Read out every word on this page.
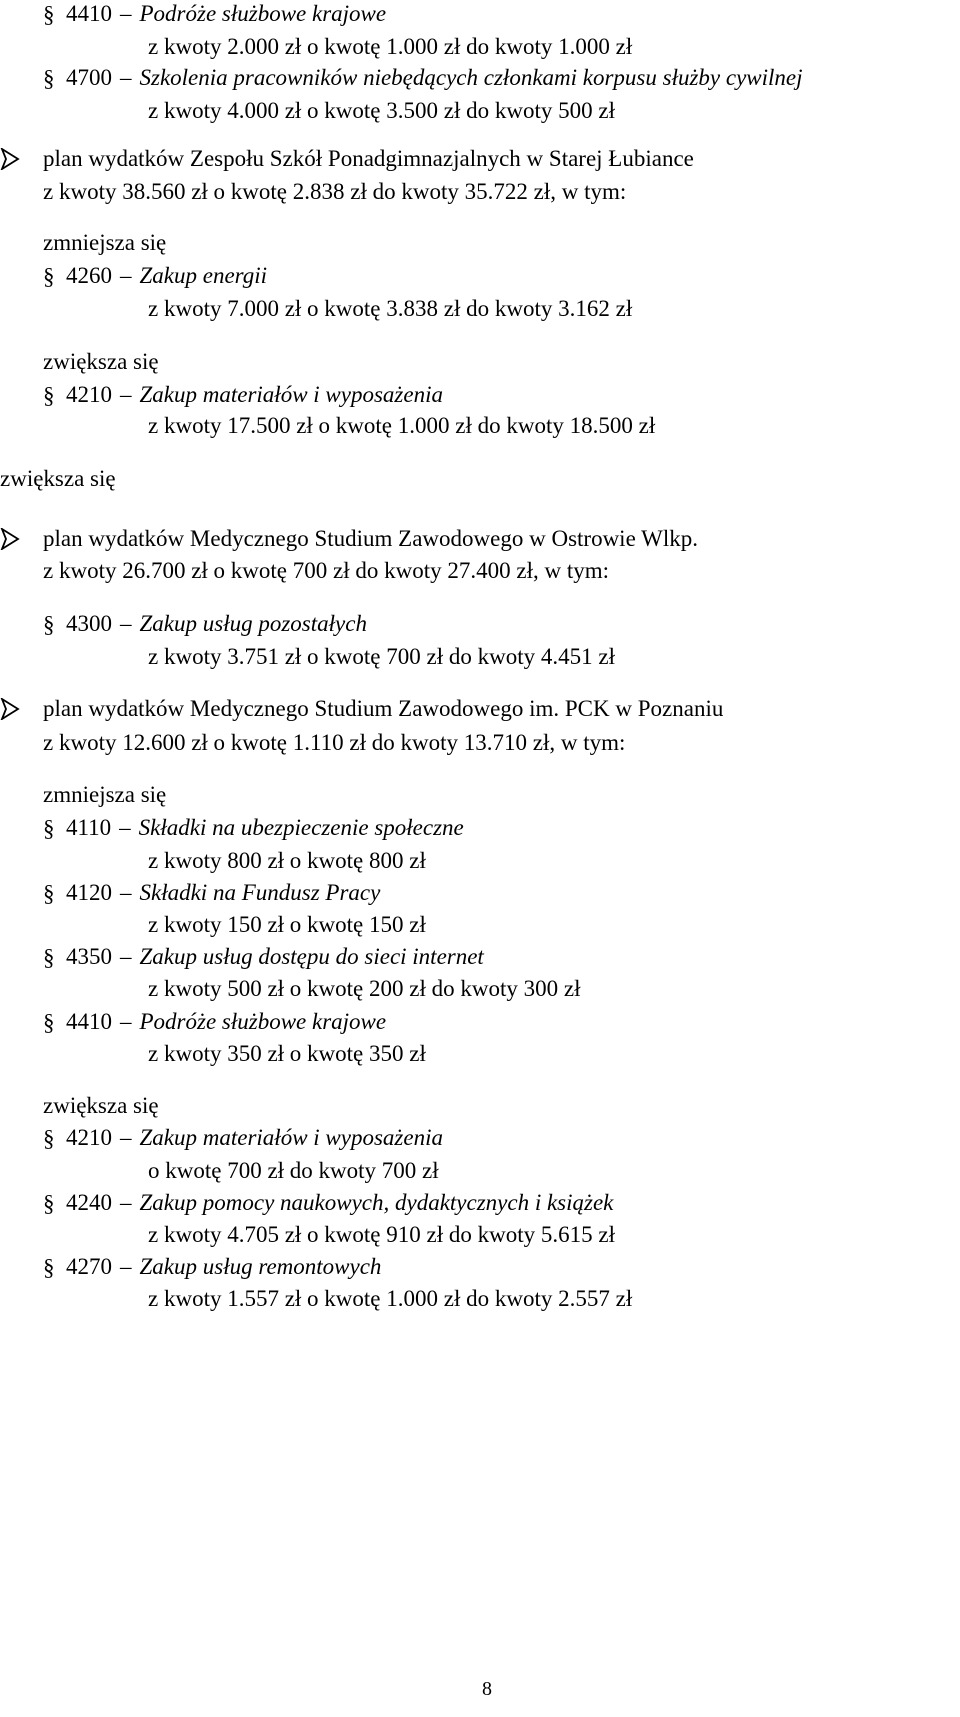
§ 4410 – Podróże służbowe krajowe
z kwoty 2.000 zł o kwotę 1.000 zł do kwoty 1.000 zł
§ 4700 – Szkolenia pracowników niebędących członkami korpusu służby cywilnej
z kwoty 4.000 zł o kwotę 3.500 zł do kwoty 500 zł
plan wydatków Zespołu Szkół Ponadgimnazjalnych w Starej Łubiance
z kwoty 38.560 zł o kwotę 2.838 zł do kwoty 35.722 zł, w tym:
zmniejsza się
§ 4260 – Zakup energii
z kwoty 7.000 zł o kwotę 3.838 zł do kwoty 3.162 zł
zwiększa się
§ 4210 – Zakup materiałów i wyposażenia
z kwoty 17.500 zł o kwotę 1.000 zł do kwoty 18.500 zł
zwiększa się
plan wydatków Medycznego Studium Zawodowego w Ostrowie Wlkp.
z kwoty 26.700 zł o kwotę 700 zł do kwoty 27.400 zł, w tym:
§ 4300 – Zakup usług pozostałych
z kwoty 3.751 zł o kwotę 700 zł do kwoty 4.451 zł
plan wydatków Medycznego Studium Zawodowego im. PCK w Poznaniu
z kwoty 12.600 zł o kwotę 1.110 zł do kwoty 13.710 zł, w tym:
zmniejsza się
§ 4110 – Składki na ubezpieczenie społeczne
z kwoty 800 zł o kwotę 800 zł
§ 4120 – Składki na Fundusz Pracy
z kwoty 150 zł o kwotę 150 zł
§ 4350 – Zakup usług dostępu do sieci internet
z kwoty 500 zł o kwotę 200 zł do kwoty 300 zł
§ 4410 – Podróże służbowe krajowe
z kwoty 350 zł o kwotę 350 zł
zwiększa się
§ 4210 – Zakup materiałów i wyposażenia
o kwotę 700 zł do kwoty 700 zł
§ 4240 – Zakup pomocy naukowych, dydaktycznych i książek
z kwoty 4.705 zł o kwotę 910 zł do kwoty 5.615 zł
§ 4270 – Zakup usług remontowych
z kwoty 1.557 zł o kwotę 1.000 zł do kwoty 2.557 zł
8
